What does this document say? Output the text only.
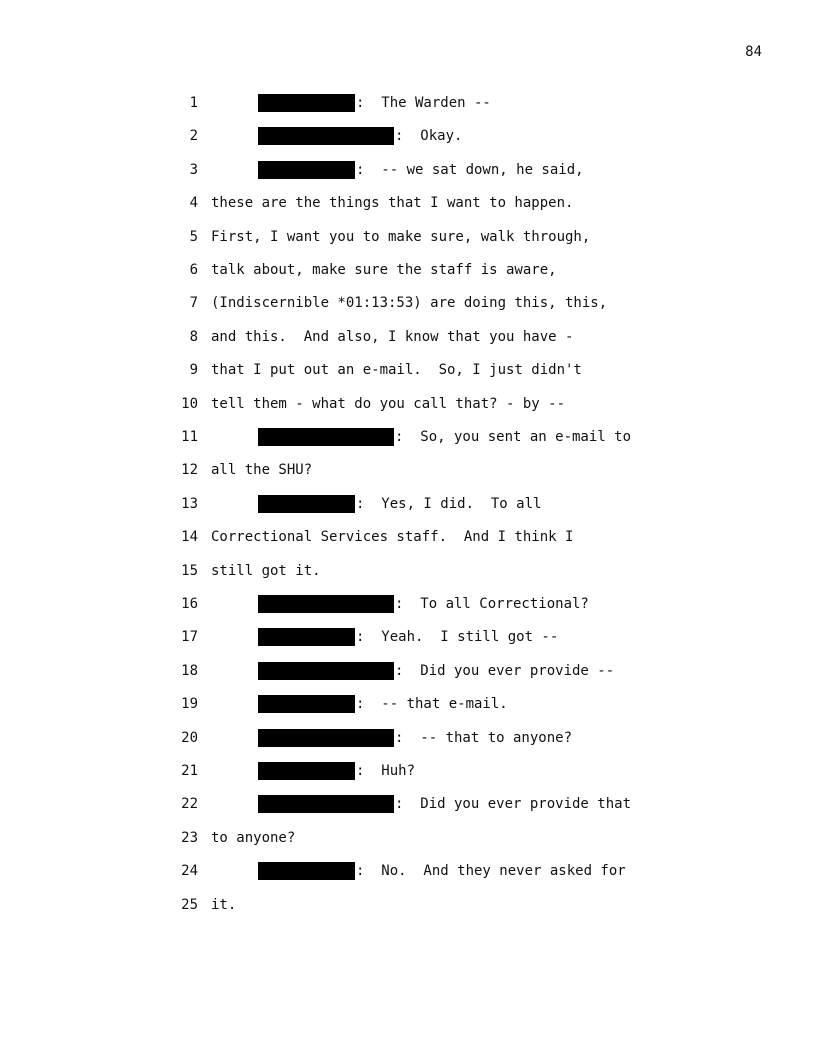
84
1	:  The Warden --
2	:  Okay.
3	:  -- we sat down, he said,
4 these are the things that I want to happen.
5 First, I want you to make sure, walk through,
6 talk about, make sure the staff is aware,
7 (Indiscernible *01:13:53) are doing this, this,
8 and this.  And also, I know that you have -
9 that I put out an e-mail.  So, I just didn't
10 tell them - what do you call that? - by --
11	:  So, you sent an e-mail to
12 all the SHU?
13	:  Yes, I did.  To all
14 Correctional Services staff.  And I think I
15 still got it.
16	:  To all Correctional?
17	:  Yeah.  I still got --
18	:  Did you ever provide --
19	:  -- that e-mail.
20	:  -- that to anyone?
21	:  Huh?
22	:  Did you ever provide that
23 to anyone?
24	:  No.  And they never asked for
25 it.
